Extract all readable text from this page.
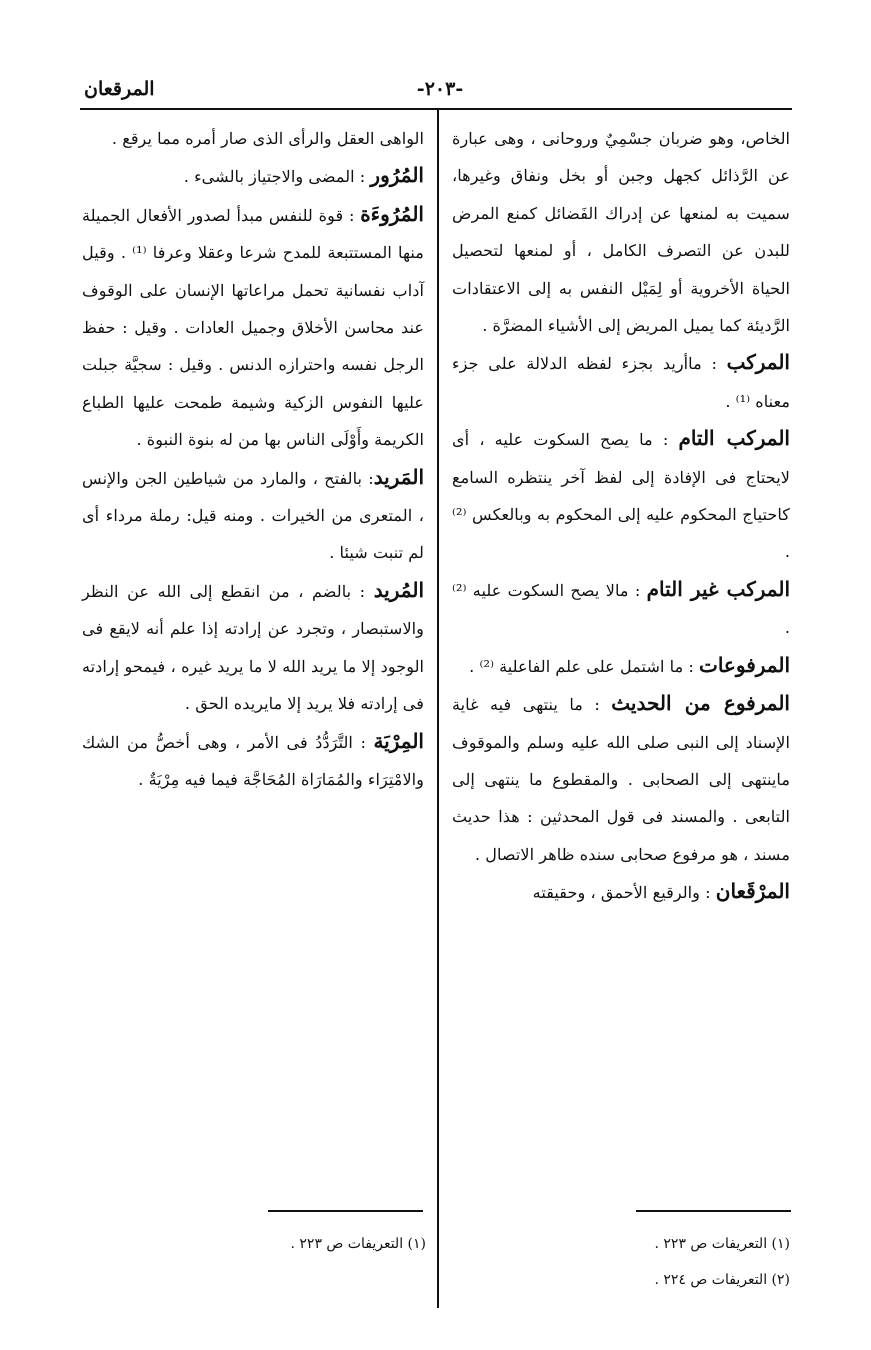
المرقعان	-٢٠٣-

الخاص، وهو ضربان جسْمِيٌ وروحانى ، وهى عبارة عن الرَّذائل كجهل وجبن أو بخل ونفاق وغيرها، سميت به لمنعها عن إدراك الفَضائل كمنع المرض للبدن عن التصرف الكامل ، أو لمنعها لتحصيل الحياة الأخروية أو لِمَيْل النفس به إلى الاعتقادات الرَّديئة كما يميل المريض إلى الأشياء المضرَّة .

المركب : ماأريد بجزء لفظه الدلالة على جزء معناه ⁽¹⁾ .

المركب التام : ما يصح السكوت عليه ، أى لايحتاج فى الإفادة إلى لفظ آخر ينتظره السامع كاحتياج المحكوم عليه إلى المحكوم به وبالعكس ⁽²⁾ .

المركب غير التام : مالا يصح السكوت عليه ⁽²⁾ .

المرفوعات : ما اشتمل على علم الفاعلية ⁽²⁾ .

المرفوع من الحديث : ما ينتهى فيه غاية الإسناد إلى النبى صلى الله عليه وسلم والموقوف ماينتهى إلى الصحابى . والمقطوع ما ينتهى إلى التابعى . والمسند فى قول المحدثين : هذا حديث مسند ، هو مرفوع صحابى سنده ظاهر الاتصال .

المرْقَعان : والرقيع الأحمق ، وحقيقته

الواهى العقل والرأى الذى صار أمره مما يرقع .

المُرُور : المضى والاجتياز بالشىء .

المُرُوءَة : قوة للنفس مبدأ لصدور الأفعال الجميلة منها المستتبعة للمدح شرعا وعقلا وعرفا ⁽¹⁾ . وقيل آداب نفسانية تحمل مراعاتها الإنسان على الوقوف عند محاسن الأخلاق وجميل العادات . وقيل : حفظ الرجل نفسه واحترازه الدنس . وقيل : سجيَّة جبلت عليها النفوس الزكية وشيمة طمحت عليها الطباع الكريمة وأَوْلَى الناس بها من له بنوة النبوة .

المَريد: بالفتح ، والمارد من شياطين الجن والإنس ، المتعرى من الخيرات . ومنه قيل: رملة مرداء أى لم تنبت شيئا .

المُريد : بالضم ، من انقطع إلى الله عن النظر والاستبصار ، وتجرد عن إرادته إذا علم أنه لايقع فى الوجود إلا ما يريد الله لا ما يريد غيره ، فيمحو إرادته فى إرادته فلا يريد إلا مايريده الحق .

المِرْيَة : التَّرَدُّدُ فى الأمر ، وهى أخصُّ من الشك والامْتِرَاء والمُمَارَاة المُحَاجَّة فيما فيه مِرْيَةٌ .

(١) التعريفات ص ٢٢٣ .
(٢) التعريفات ص ٢٢٤ .
(١) التعريفات ص ٢٢٣ .
